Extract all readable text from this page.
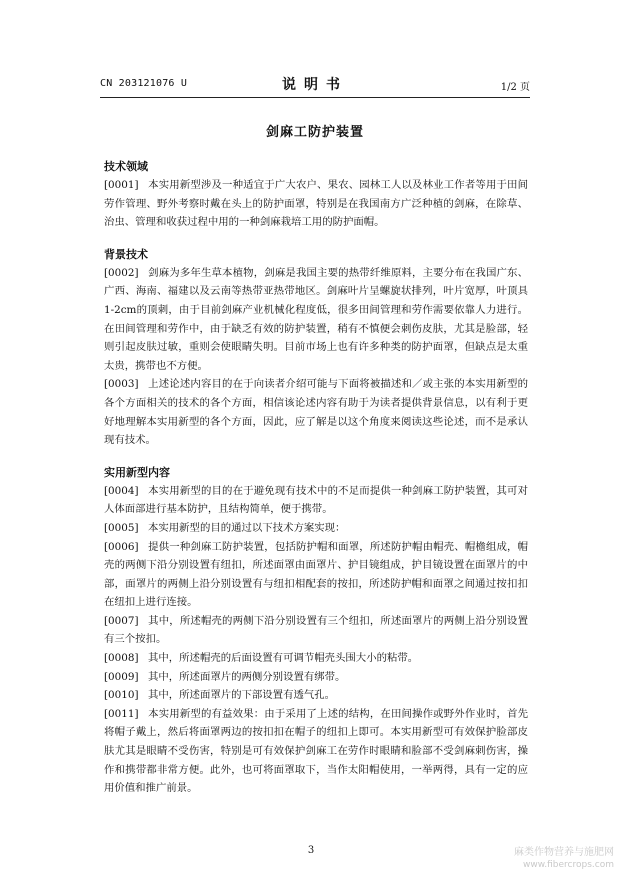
CN 203121076 U	说明书	1/2 页
剑麻工防护装置
技术领域

[0001] 本实用新型涉及一种适宜于广大农户、果农、园林工人以及林业工作者等用于田间劳作管理、野外考察时戴在头上的防护面罩，特别是在我国南方广泛种植的剑麻，在除草、治虫、管理和收获过程中用的一种剑麻栽培工用的防护面帽。

背景技术

[0002] 剑麻为多年生草本植物，剑麻是我国主要的热带纤维原料，主要分布在我国广东、广西、海南、福建以及云南等热带亚热带地区。剑麻叶片呈螺旋状排列，叶片宽厚，叶顶具1-2cm的顶刺，由于目前剑麻产业机械化程度低，很多田间管理和劳作需要依靠人力进行。在田间管理和劳作中，由于缺乏有效的防护装置，稍有不慎便会刺伤皮肤，尤其是脸部，轻则引起皮肤过敏，重则会使眼睛失明。目前市场上也有许多种类的防护面罩，但缺点是太重太贵，携带也不方便。

[0003] 上述论述内容目的在于向读者介绍可能与下面将被描述和／或主张的本实用新型的各个方面相关的技术的各个方面，相信该论述内容有助于为读者提供背景信息，以有利于更好地理解本实用新型的各个方面，因此，应了解是以这个角度来阅读这些论述，而不是承认现有技术。

实用新型内容

[0004] 本实用新型的目的在于避免现有技术中的不足而提供一种剑麻工防护装置，其可对人体面部进行基本防护，且结构简单，便于携带。

[0005] 本实用新型的目的通过以下技术方案实现：

[0006] 提供一种剑麻工防护装置，包括防护帽和面罩，所述防护帽由帽壳、帽檐组成，帽壳的两侧下沿分别设置有纽扣，所述面罩由面罩片、护目镜组成，护目镜设置在面罩片的中部，面罩片的两侧上沿分别设置有与纽扣相配套的按扣，所述防护帽和面罩之间通过按扣扣在纽扣上进行连接。

[0007] 其中，所述帽壳的两侧下沿分别设置有三个纽扣，所述面罩片的两侧上沿分别设置有三个按扣。

[0008] 其中，所述帽壳的后面设置有可调节帽壳头围大小的粘带。

[0009] 其中，所述面罩片的两侧分别设置有绑带。

[0010] 其中，所述面罩片的下部设置有透气孔。

[0011] 本实用新型的有益效果：由于采用了上述的结构，在田间操作或野外作业时，首先将帽子戴上，然后将面罩两边的按扣扣在帽子的纽扣上即可。本实用新型可有效保护脸部皮肤尤其是眼睛不受伤害，特别是可有效保护剑麻工在劳作时眼睛和脸部不受剑麻刺伤害，操作和携带都非常方便。此外，也可将面罩取下，当作太阳帽使用，一举两得，具有一定的应用价值和推广前景。

3	麻类作物营养与施肥网
www.fibercrops.com
